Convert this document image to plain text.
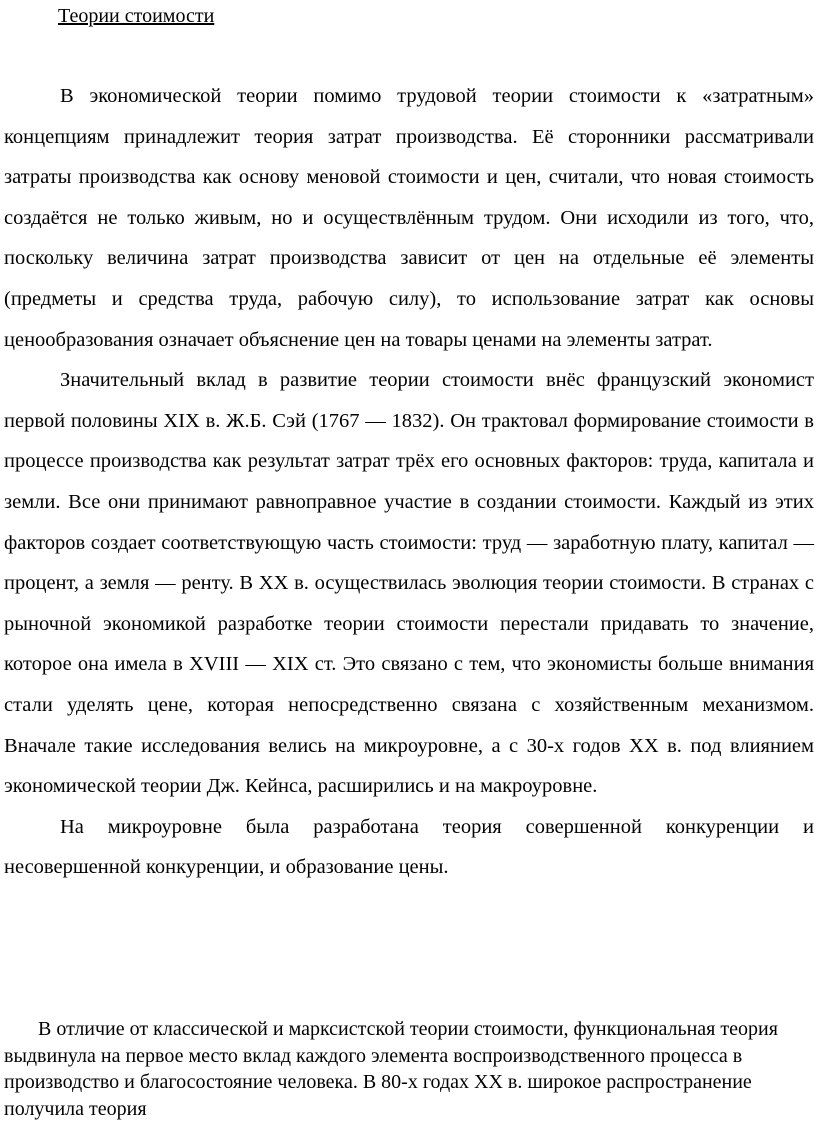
Теории стоимости

В экономической теории помимо трудовой теории стоимости к «затратным» концепциям принадлежит теория затрат производства. Её сторонники рассматривали затраты производства как основу меновой стоимости и цен, считали, что новая стоимость создаётся не только живым, но и осуществлённым трудом. Они исходили из того, что, поскольку величина затрат производства зависит от цен на отдельные её элементы (предметы и средства труда, рабочую силу), то использование затрат как основы ценообразования означает объяснение цен на товары ценами на элементы затрат.

Значительный вклад в развитие теории стоимости внёс французский экономист первой половины XIX в. Ж.Б. Сэй (1767 — 1832). Он трактовал формирование стоимости в процессе производства как результат затрат трёх его основных факторов: труда, капитала и земли. Все они принимают равноправное участие в создании стоимости. Каждый из этих факторов создает соответствующую часть стоимости: труд — заработную плату, капитал — процент, а земля — ренту. В XX в. осуществилась эволюция теории стоимости. В странах с рыночной экономикой разработке теории стоимости перестали придавать то значение, которое она имела в XVIII — XIX ст. Это связано с тем, что экономисты больше внимания стали уделять цене, которая непосредственно связана с хозяйственным механизмом. Вначале такие исследования велись на микроуровне, а с 30-х годов XX в. под влиянием экономической теории Дж. Кейнса, расширились и на макроуровне.

На микроуровне была разработана теория совершенной конкуренции и несовершенной конкуренции, и образование цены.

В отличие от классической и марксистской теории стоимости, функциональная теория выдвинула на первое место вклад каждого элемента воспроизводственного процесса в производство и благосостояние человека. В 80-х годах XX в. широкое распространение получила теория
